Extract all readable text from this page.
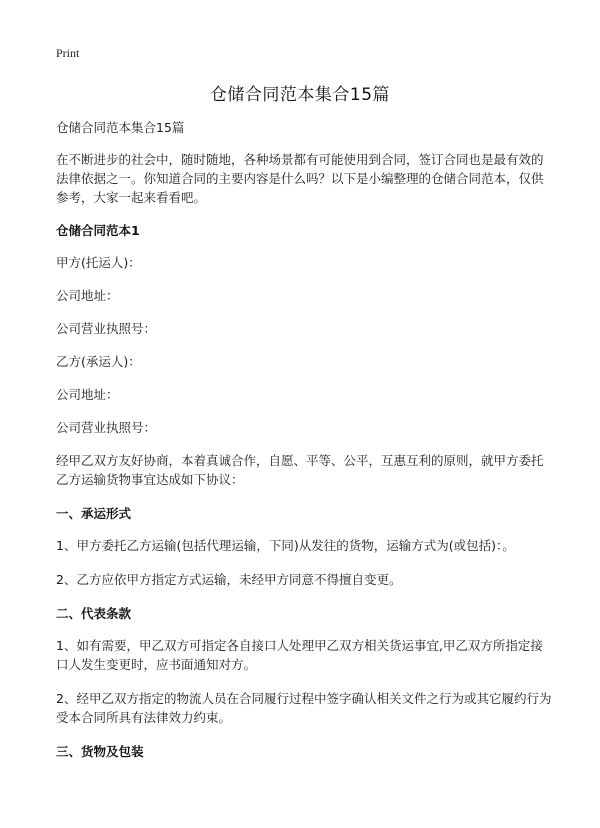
Print
仓储合同范本集合15篇

仓储合同范本集合15篇

在不断进步的社会中，随时随地，各种场景都有可能使用到合同，签订合同也是最有效的法律依据之一。你知道合同的主要内容是什么吗？以下是小编整理的仓储合同范本，仅供参考，大家一起来看看吧。

仓储合同范本1

甲方(托运人)：

公司地址：

公司营业执照号：

乙方(承运人)：

公司地址：

公司营业执照号：

经甲乙双方友好协商，本着真诚合作，自愿、平等、公平，互惠互利的原则，就甲方委托乙方运输货物事宜达成如下协议：

一、承运形式

1、甲方委托乙方运输(包括代理运输，下同)从发往的货物，运输方式为(或包括)：。

2、乙方应依甲方指定方式运输，未经甲方同意不得擅自变更。

二、代表条款

1、如有需要，甲乙双方可指定各自接口人处理甲乙双方相关货运事宜,甲乙双方所指定接口人发生变更时，应书面通知对方。

2、经甲乙双方指定的物流人员在合同履行过程中签字确认相关文件之行为或其它履约行为受本合同所具有法律效力约束。

三、货物及包装
